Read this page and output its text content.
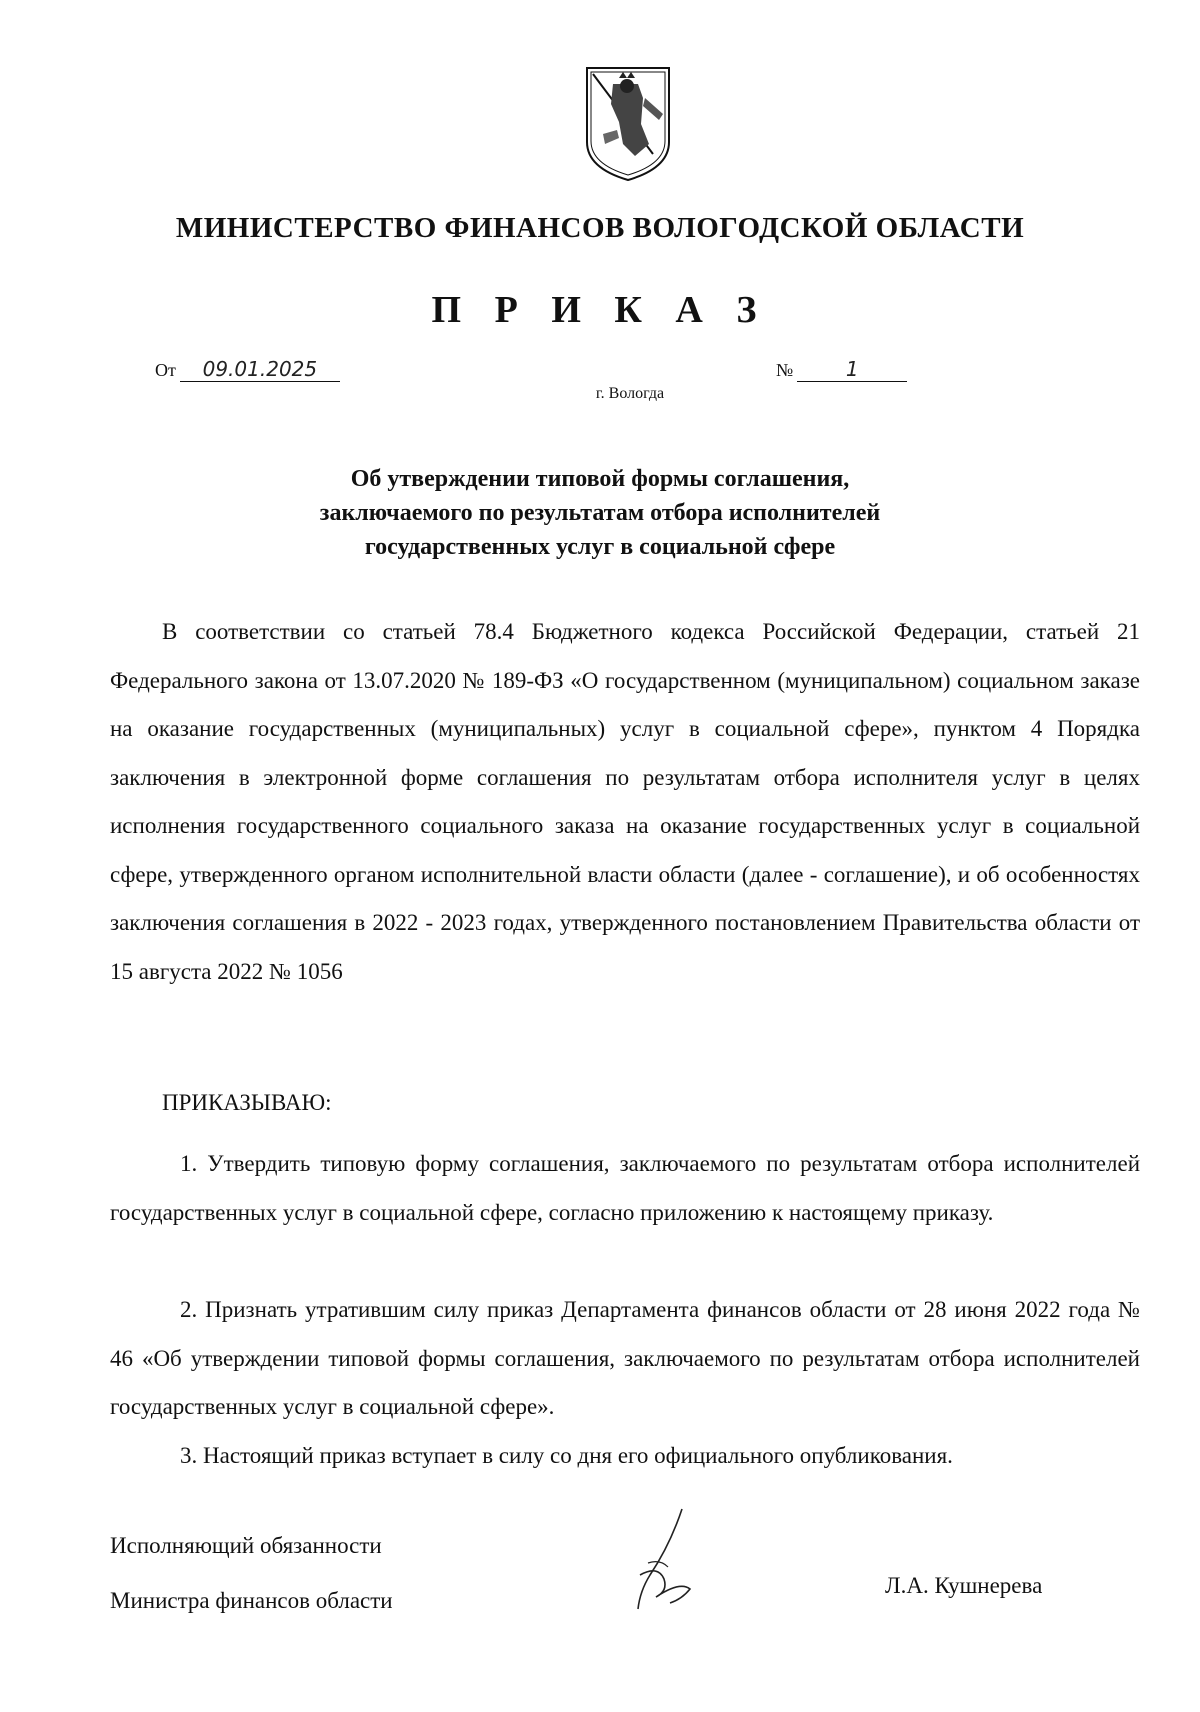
МИНИСТЕРСТВО ФИНАНСОВ ВОЛОГОДСКОЙ ОБЛАСТИ
П Р И К А З
От 09.01.2025	№	1
г. Вологда
Об утверждении типовой формы соглашения,
заключаемого по результатам отбора исполнителей
государственных услуг в социальной сфере
В соответствии со статьей 78.4 Бюджетного кодекса Российской Федерации, статьей 21 Федерального закона от 13.07.2020 № 189-ФЗ «О государственном (муниципальном) социальном заказе на оказание государственных (муниципальных) услуг в социальной сфере», пунктом 4 Порядка заключения в электронной форме соглашения по результатам отбора исполнителя услуг в целях исполнения государственного социального заказа на оказание государственных услуг в социальной сфере, утвержденного органом исполнительной власти области (далее - соглашение), и об особенностях заключения соглашения в 2022 - 2023 годах, утвержденного постановлением Правительства области от 15 августа 2022 № 1056
ПРИКАЗЫВАЮ:
1. Утвердить типовую форму соглашения, заключаемого по результатам отбора исполнителей государственных услуг в социальной сфере, согласно приложению к настоящему приказу.
2. Признать утратившим силу приказ Департамента финансов области от 28 июня 2022 года № 46 «Об утверждении типовой формы соглашения, заключаемого по результатам отбора исполнителей государственных услуг в социальной сфере».
3. Настоящий приказ вступает в силу со дня его официального опубликования.
Исполняющий обязанности
Министра финансов области
Л.А. Кушнерева
